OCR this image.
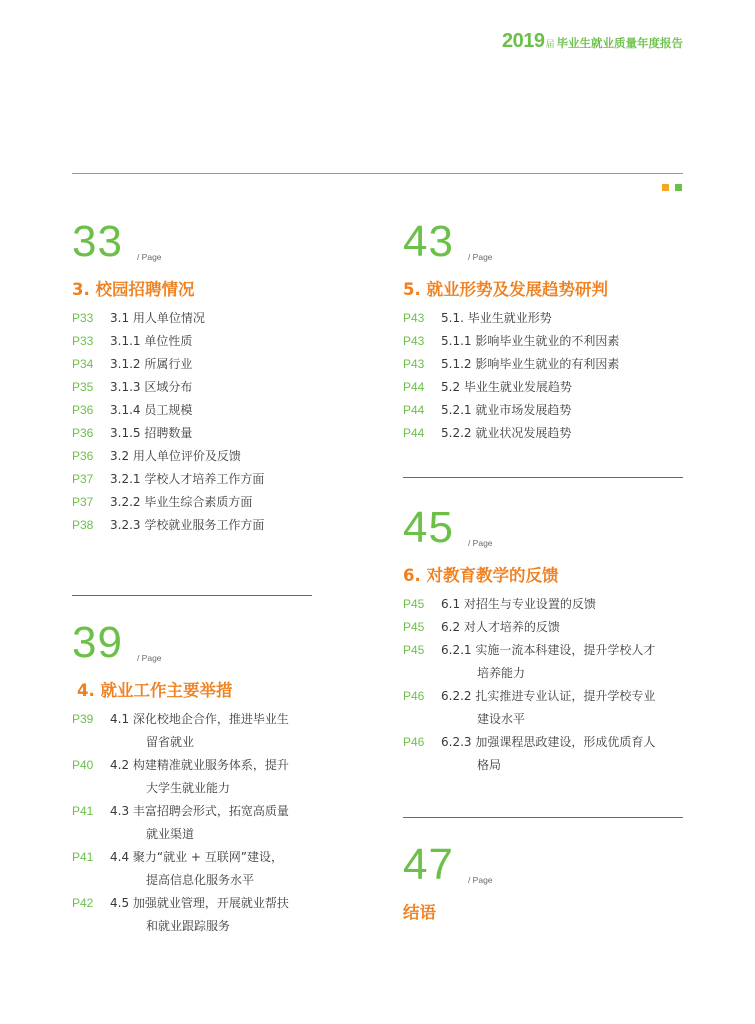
2019 届 毕业生就业质量年度报告
33 / Page
3. 校园招聘情况
P33	3.1 用人单位情况
P33	3.1.1 单位性质
P34	3.1.2 所属行业
P35	3.1.3 区域分布
P36	3.1.4 员工规模
P36	3.1.5 招聘数量
P36	3.2 用人单位评价及反馈
P37	3.2.1 学校人才培养工作方面
P37	3.2.2 毕业生综合素质方面
P38	3.2.3 学校就业服务工作方面
39 / Page
4. 就业工作主要举措
P39	4.1 深化校地企合作，推进毕业生
留省就业
P40	4.2 构建精准就业服务体系，提升
大学生就业能力
P41	4.3 丰富招聘会形式，拓宽高质量
就业渠道
P41	4.4 聚力“就业 + 互联网”建设，
提高信息化服务水平
P42	4.5 加强就业管理，开展就业帮扶
和就业跟踪服务
43 / Page
5. 就业形势及发展趋势研判
P43	5.1. 毕业生就业形势
P43	5.1.1 影响毕业生就业的不利因素
P43	5.1.2 影响毕业生就业的有利因素
P44	5.2 毕业生就业发展趋势
P44	5.2.1 就业市场发展趋势
P44	5.2.2 就业状况发展趋势
45 / Page
6. 对教育教学的反馈
P45	6.1 对招生与专业设置的反馈
P45	6.2 对人才培养的反馈
P45	6.2.1 实施一流本科建设，提升学校人才
培养能力
P46	6.2.2 扎实推进专业认证，提升学校专业
建设水平
P46	6.2.3 加强课程思政建设，形成优质育人
格局
47 / Page
结语
